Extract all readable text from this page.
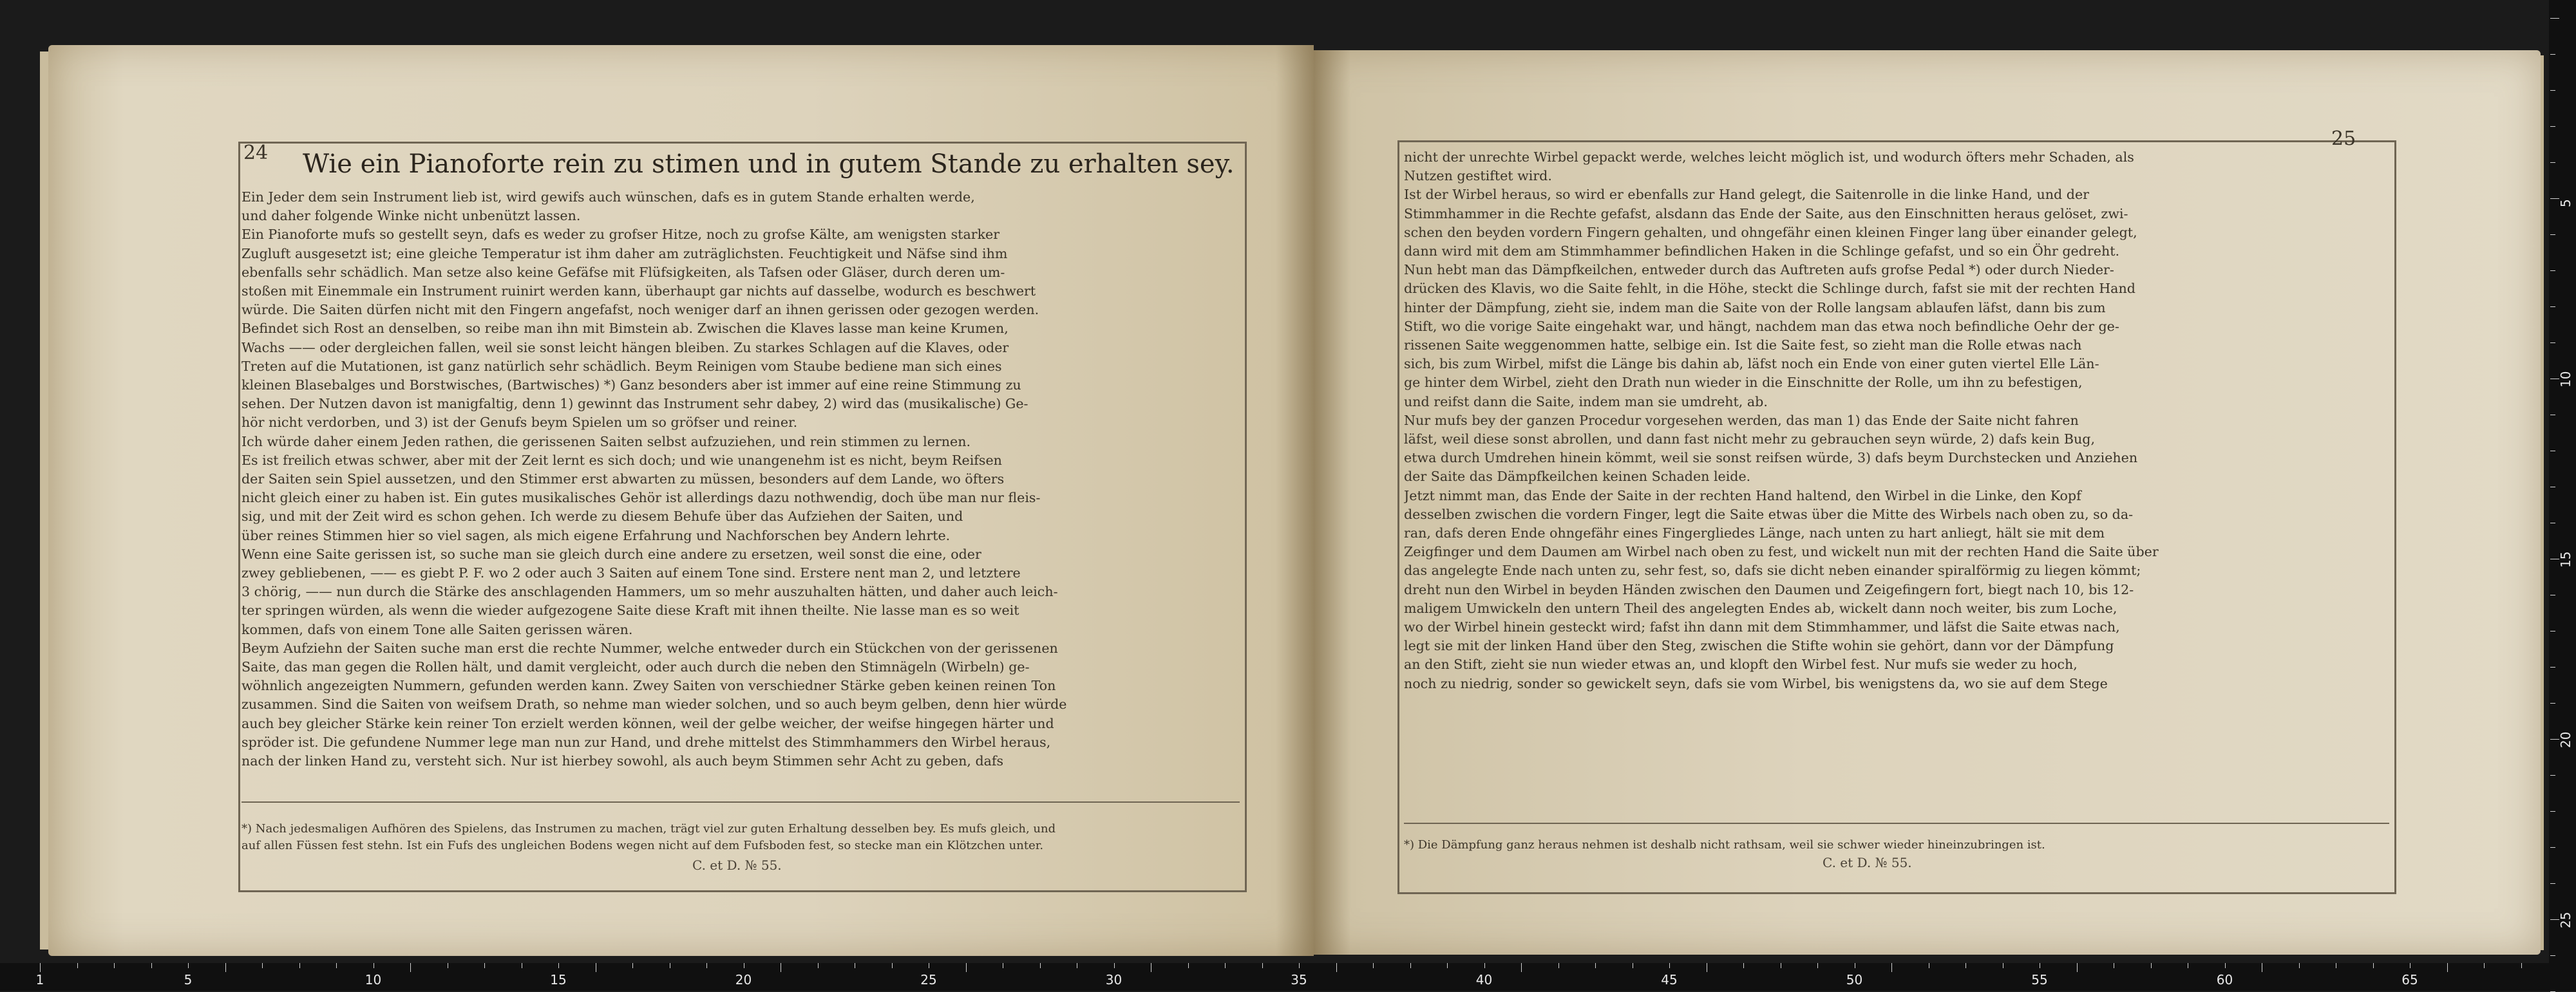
24 Wie ein Pianoforte rein zu stimen und in gutem Stande zu erhalten sey.

Ein Jeder dem sein Instrument lieb ist, wird gewifs auch wünschen, dafs es in gutem Stande erhalten werde,

und daher folgende Winke nicht unbenützt lassen.

Ein Pianoforte mufs so gestellt seyn, dafs es weder zu grofser Hitze, noch zu grofse Kälte, am wenigsten starker

Zugluft ausgesetzt ist; eine gleiche Temperatur ist ihm daher am zuträglichsten. Feuchtigkeit und Näfse sind ihm

ebenfalls sehr schädlich. Man setze also keine Gefäfse mit Flüfsigkeiten, als Tafsen oder Gläser, durch deren um-

stoßen mit Einemmale ein Instrument ruinirt werden kann, überhaupt gar nichts auf dasselbe, wodurch es beschwert

würde. Die Saiten dürfen nicht mit den Fingern angefafst, noch weniger darf an ihnen gerissen oder gezogen werden.

Befindet sich Rost an denselben, so reibe man ihn mit Bimstein ab. Zwischen die Klaves lasse man keine Krumen,

Wachs —— oder dergleichen fallen, weil sie sonst leicht hängen bleiben. Zu starkes Schlagen auf die Klaves, oder

Treten auf die Mutationen, ist ganz natürlich sehr schädlich. Beym Reinigen vom Staube bediene man sich eines

kleinen Blasebalges und Borstwisches, (Bartwisches) *) Ganz besonders aber ist immer auf eine reine Stimmung zu

sehen. Der Nutzen davon ist manigfaltig, denn 1) gewinnt das Instrument sehr dabey, 2) wird das (musikalische) Ge-

hör nicht verdorben, und 3) ist der Genufs beym Spielen um so gröfser und reiner.

Ich würde daher einem Jeden rathen, die gerissenen Saiten selbst aufzuziehen, und rein stimmen zu lernen.

Es ist freilich etwas schwer, aber mit der Zeit lernt es sich doch; und wie unangenehm ist es nicht, beym Reifsen

der Saiten sein Spiel aussetzen, und den Stimmer erst abwarten zu müssen, besonders auf dem Lande, wo öfters

nicht gleich einer zu haben ist. Ein gutes musikalisches Gehör ist allerdings dazu nothwendig, doch übe man nur fleis-

sig, und mit der Zeit wird es schon gehen. Ich werde zu diesem Behufe über das Aufziehen der Saiten, und

über reines Stimmen hier so viel sagen, als mich eigene Erfahrung und Nachforschen bey Andern lehrte.

Wenn eine Saite gerissen ist, so suche man sie gleich durch eine andere zu ersetzen, weil sonst die eine, oder

zwey gebliebenen, —— es giebt P. F. wo 2 oder auch 3 Saiten auf einem Tone sind. Erstere nent man 2, und letztere

3 chörig, —— nun durch die Stärke des anschlagenden Hammers, um so mehr auszuhalten hätten, und daher auch leich-

ter springen würden, als wenn die wieder aufgezogene Saite diese Kraft mit ihnen theilte. Nie lasse man es so weit

kommen, dafs von einem Tone alle Saiten gerissen wären.

Beym Aufziehn der Saiten suche man erst die rechte Nummer, welche entweder durch ein Stückchen von der gerissenen

Saite, das man gegen die Rollen hält, und damit vergleicht, oder auch durch die neben den Stimnägeln (Wirbeln) ge-

wöhnlich angezeigten Nummern, gefunden werden kann. Zwey Saiten von verschiedner Stärke geben keinen reinen Ton

zusammen. Sind die Saiten von weifsem Drath, so nehme man wieder solchen, und so auch beym gelben, denn hier würde

auch bey gleicher Stärke kein reiner Ton erzielt werden können, weil der gelbe weicher, der weifse hingegen härter und

spröder ist. Die gefundene Nummer lege man nun zur Hand, und drehe mittelst des Stimmhammers den Wirbel heraus,

nach der linken Hand zu, versteht sich. Nur ist hierbey sowohl, als auch beym Stimmen sehr Acht zu geben, dafs

*) Nach jedesmaligen Aufhören des Spielens, das Instrumen zu machen, trägt viel zur guten Erhaltung desselben bey. Es mufs gleich, und

auf allen Füssen fest stehn. Ist ein Fufs des ungleichen Bodens wegen nicht auf dem Fufsboden fest, so stecke man ein Klötzchen unter.

C. et D. № 55.
25

nicht der unrechte Wirbel gepackt werde, welches leicht möglich ist, und wodurch öfters mehr Schaden, als

Nutzen gestiftet wird.

Ist der Wirbel heraus, so wird er ebenfalls zur Hand gelegt, die Saitenrolle in die linke Hand, und der

Stimmhammer in die Rechte gefafst, alsdann das Ende der Saite, aus den Einschnitten heraus gelöset, zwi-

schen den beyden vordern Fingern gehalten, und ohngefähr einen kleinen Finger lang über einander gelegt,

dann wird mit dem am Stimmhammer befindlichen Haken in die Schlinge gefafst, und so ein Öhr gedreht.

Nun hebt man das Dämpfkeilchen, entweder durch das Auftreten aufs grofse Pedal *) oder durch Nieder-

drücken des Klavis, wo die Saite fehlt, in die Höhe, steckt die Schlinge durch, fafst sie mit der rechten Hand

hinter der Dämpfung, zieht sie, indem man die Saite von der Rolle langsam ablaufen läfst, dann bis zum

Stift, wo die vorige Saite eingehakt war, und hängt, nachdem man das etwa noch befindliche Oehr der ge-

rissenen Saite weggenommen hatte, selbige ein. Ist die Saite fest, so zieht man die Rolle etwas nach

sich, bis zum Wirbel, mifst die Länge bis dahin ab, läfst noch ein Ende von einer guten viertel Elle Län-

ge hinter dem Wirbel, zieht den Drath nun wieder in die Einschnitte der Rolle, um ihn zu befestigen,

und reifst dann die Saite, indem man sie umdreht, ab.

Nur mufs bey der ganzen Procedur vorgesehen werden, das man 1) das Ende der Saite nicht fahren

läfst, weil diese sonst abrollen, und dann fast nicht mehr zu gebrauchen seyn würde, 2) dafs kein Bug,

etwa durch Umdrehen hinein kömmt, weil sie sonst reifsen würde, 3) dafs beym Durchstecken und Anziehen

der Saite das Dämpfkeilchen keinen Schaden leide.

Jetzt nimmt man, das Ende der Saite in der rechten Hand haltend, den Wirbel in die Linke, den Kopf

desselben zwischen die vordern Finger, legt die Saite etwas über die Mitte des Wirbels nach oben zu, so da-

ran, dafs deren Ende ohngefähr eines Fingergliedes Länge, nach unten zu hart anliegt, hält sie mit dem

Zeigfinger und dem Daumen am Wirbel nach oben zu fest, und wickelt nun mit der rechten Hand die Saite über

das angelegte Ende nach unten zu, sehr fest, so, dafs sie dicht neben einander spiralförmig zu liegen kömmt;

dreht nun den Wirbel in beyden Händen zwischen den Daumen und Zeigefingern fort, biegt nach 10, bis 12-

maligem Umwickeln den untern Theil des angelegten Endes ab, wickelt dann noch weiter, bis zum Loche,

wo der Wirbel hinein gesteckt wird; fafst ihn dann mit dem Stimmhammer, und läfst die Saite etwas nach,

legt sie mit der linken Hand über den Steg, zwischen die Stifte wohin sie gehört, dann vor der Dämpfung

an den Stift, zieht sie nun wieder etwas an, und klopft den Wirbel fest. Nur mufs sie weder zu hoch,

noch zu niedrig, sonder so gewickelt seyn, dafs sie vom Wirbel, bis wenigstens da, wo sie auf dem Stege

*) Die Dämpfung ganz heraus nehmen ist deshalb nicht rathsam, weil sie schwer wieder hineinzubringen ist.

C. et D. № 55.
5
10
15
20
25
1	5	10	15	20	25	30	35	40	45	50	55	60	65
